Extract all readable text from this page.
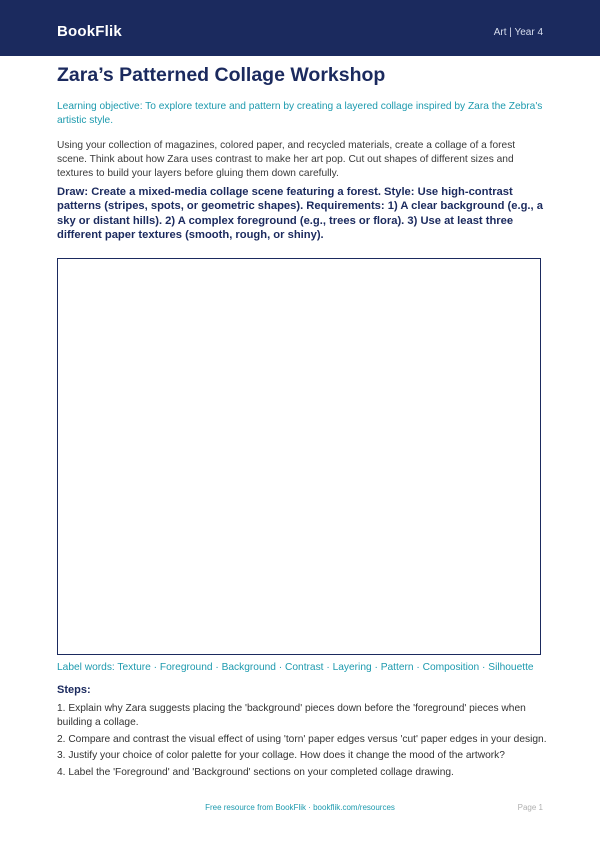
BookFlik	Art | Year 4
Zara’s Patterned Collage Workshop
Learning objective: To explore texture and pattern by creating a layered collage inspired by Zara the Zebra's artistic style.
Using your collection of magazines, colored paper, and recycled materials, create a collage of a forest scene. Think about how Zara uses contrast to make her art pop. Cut out shapes of different sizes and textures to build your layers before gluing them down carefully.
Draw: Create a mixed-media collage scene featuring a forest. Style: Use high-contrast patterns (stripes, spots, or geometric shapes). Requirements: 1) A clear background (e.g., a sky or distant hills). 2) A complex foreground (e.g., trees or flora). 3) Use at least three different paper textures (smooth, rough, or shiny).
Label words: Texture · Foreground · Background · Contrast · Layering · Pattern · Composition · Silhouette
Steps:
1. Explain why Zara suggests placing the 'background' pieces down before the 'foreground' pieces when building a collage.
2. Compare and contrast the visual effect of using 'torn' paper edges versus 'cut' paper edges in your design.
3. Justify your choice of color palette for your collage. How does it change the mood of the artwork?
4. Label the 'Foreground' and 'Background' sections on your completed collage drawing.
Free resource from BookFlik · bookflik.com/resources	Page 1
